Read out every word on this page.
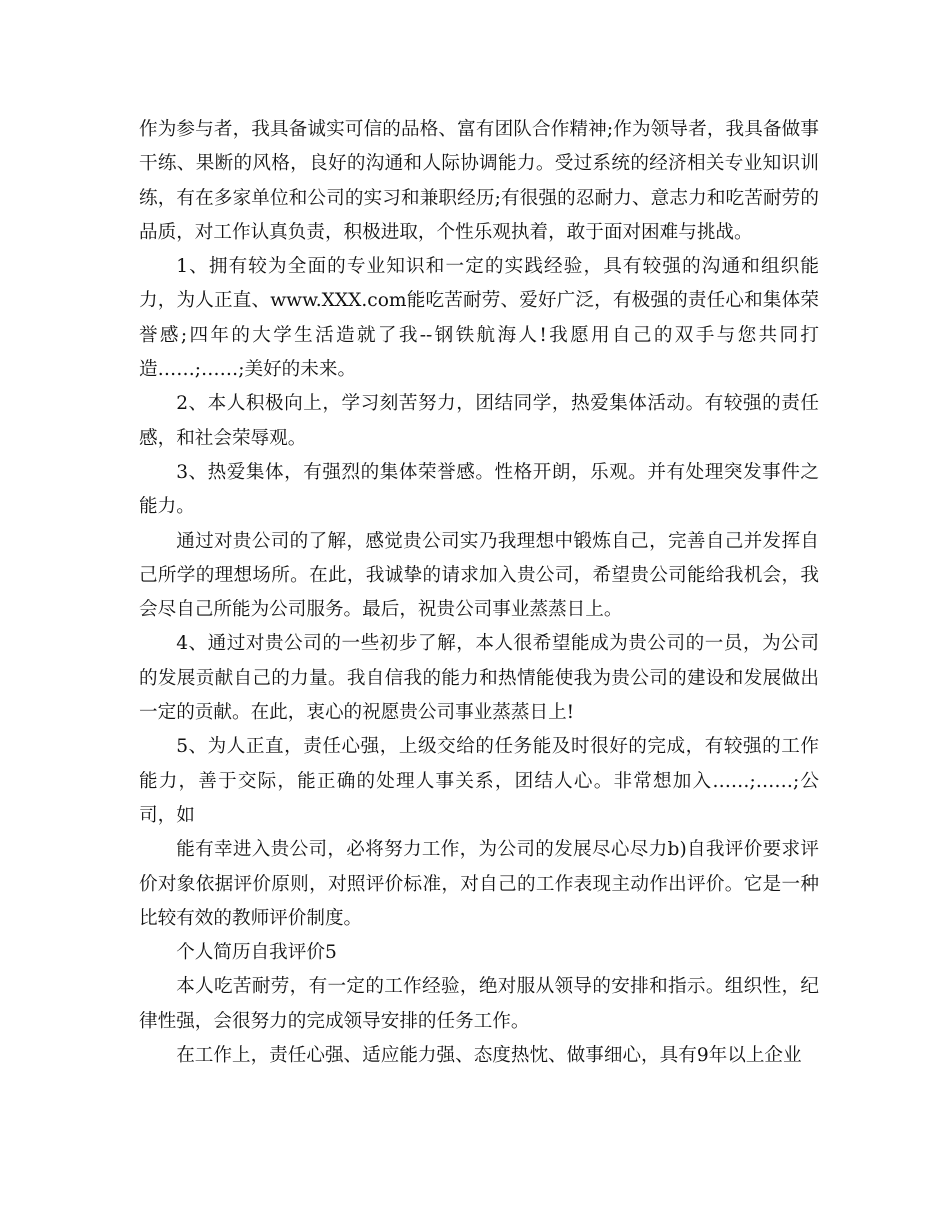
作为参与者，我具备诚实可信的品格、富有团队合作精神;作为领导者，我具备做事干练、果断的风格，良好的沟通和人际协调能力。受过系统的经济相关专业知识训练，有在多家单位和公司的实习和兼职经历;有很强的忍耐力、意志力和吃苦耐劳的品质，对工作认真负责，积极进取，个性乐观执着，敢于面对困难与挑战。

1、拥有较为全面的专业知识和一定的实践经验，具有较强的沟通和组织能力，为人正直、www.XXX.com能吃苦耐劳、爱好广泛，有极强的责任心和集体荣誉感;四年的大学生活造就了我--钢铁航海人!我愿用自己的双手与您共同打造……;……;美好的未来。

2、本人积极向上，学习刻苦努力，团结同学，热爱集体活动。有较强的责任感，和社会荣辱观。

3、热爱集体，有强烈的集体荣誉感。性格开朗，乐观。并有处理突发事件之能力。

通过对贵公司的了解，感觉贵公司实乃我理想中锻炼自己，完善自己并发挥自己所学的理想场所。在此，我诚挚的请求加入贵公司，希望贵公司能给我机会，我会尽自己所能为公司服务。最后，祝贵公司事业蒸蒸日上。

4、通过对贵公司的一些初步了解，本人很希望能成为贵公司的一员，为公司的发展贡献自己的力量。我自信我的能力和热情能使我为贵公司的建设和发展做出一定的贡献。在此，衷心的祝愿贵公司事业蒸蒸日上!

5、为人正直，责任心强，上级交给的任务能及时很好的完成，有较强的工作能力，善于交际，能正确的处理人事关系，团结人心。非常想加入……;……;公司，如

能有幸进入贵公司，必将努力工作，为公司的发展尽心尽力b)自我评价要求评价对象依据评价原则，对照评价标准，对自己的工作表现主动作出评价。它是一种比较有效的教师评价制度。

个人简历自我评价5

本人吃苦耐劳，有一定的工作经验，绝对服从领导的安排和指示。组织性，纪律性强，会很努力的完成领导安排的任务工作。

在工作上，责任心强、适应能力强、态度热忱、做事细心，具有9年以上企业
